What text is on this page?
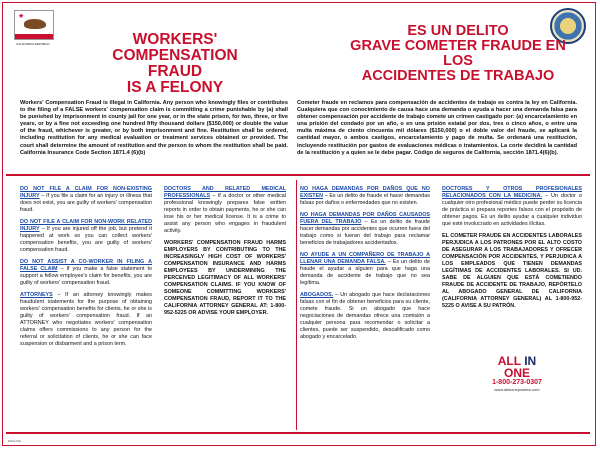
★
CALIFORNIA REPUBLIC	WORKERS'
COMPENSATION FRAUD
IS A FELONY
ES UN DELITO
GRAVE COMETER FRAUDE EN LOS
ACCIDENTES DE TRABAJO

Workers' Compensation Fraud is illegal in California. Any person who knowingly files or contributes to the filing of a FALSE workers' compensation claim is committing a crime punishable by (a) shall be punished by imprisonment in county jail for one year, or in the state prison, for two, three, or five years, or by a fine not exceeding one hundred fifty thousand dollars ($150,000) or double the value of the fraud, whichever is greater, or by both imprisonment and fine. Restitution shall be ordered, including restitution for any medical evaluation or treatment services obtained or provided. The court shall determine the amount of restitution and the person to whom the restitution shall be paid. California Insurance Code Section 1871.4 (6)(b)

Cometer fraude en reclamos para compensación de accidentes de trabajo es contra la ley en California. Cualquiera que con conocimiento de causa hace una demanda o ayuda a hacer una demanda falsa para obtener compensación por accidente de trabajo comete un crimen castigado por: (a) encarcelamiento en una prisión del condado por un año, o en una prisión estatal por dos, tres o cinco años, o entre una multa máxima de ciento cincuenta mil dólares ($150,000) o el doble valor del fraude, se aplicará la cantidad mayor, o ambos castigos, encarcelamiento y pago de multa. Se ordenará una restitución, incluyendo restitución por gastos de evaluaciones médicas o tratamientos. La corte decidirá la cantidad de la restitución y a quien se le debe pagar. Código de seguros de California, sección 1871.4(6)(b).

DO NOT FILE A CLAIM FOR NON-EXISTING INJURY – If you file a claim for an injury or illness that does not exist, you are guilty of workers' compensation fraud.

DO NOT FILE A CLAIM FOR NON-WORK RELATED INJURY – If you are injured off the job, but pretend it happened at work so you can collect workers' compensation benefits, you are guilty of workers' compensation fraud.

DO NOT ASSIST A CO-WORKER IN FILING A FALSE CLAIM – If you make a false statement to support a fellow employee's claim for benefits, you are guilty of workers' compensation fraud.

ATTORNEYS – If an attorney knowingly makes fraudulent statements for the purpose of obtaining workers' compensation benefits for clients, he or she is guilty of workers' compensation fraud. If an ATTORNEY who negotiates workers' compensation claims offers commissions to any person for the referral or solicitation of clients, he or she can face suspension or disbarment and a prison term.

DOCTORS AND RELATED MEDICAL PROFESSIONALS – If a doctor or other medical professional knowingly prepares false written reports in order to obtain payments, he or she can lose his or her medical license. It is a crime to assist any person who engages in fraudulent activity.

WORKERS' COMPENSATION FRAUD HARMS EMPLOYERS BY CONTRIBUTING TO THE INCREASINGLY HIGH COST OF WORKERS' COMPENSATION INSURANCE AND HARMS EMPLOYEES BY UNDERMINING THE PERCEIVED LEGITIMACY OF ALL WORKERS' COMPENSATION CLAIMS. IF YOU KNOW OF SOMEONE COMMITTING WORKERS' COMPENSATION FRAUD, REPORT IT TO THE CALIFORNIA ATTORNEY GENERAL AT: 1-800-952-5225 OR ADVISE YOUR EMPLOYER.

NO HAGA DEMANDAS POR DAÑOS QUE NO EXISTEN – Es un delito de fraude el hacer demandas falsas por daños o enfermedades que no existen.

NO HAGA DEMANDAS POR DAÑOS CAUSADOS FUERA DEL TRABAJO – Es un delito de fraude hacer demandas por accidentes que ocurren fuera del trabajo como si fueran del trabajo para reclamar beneficios de trabajadores accidentados.

NO AYUDE A UN COMPAÑERO DE TRABAJO A LLENAR UNA DEMANDA FALSA. – Es un delito de fraude el ayudar a alguien para que haga una demanda de accidente de trabajo que no sea legítima.

ABOGADOS. – Un abogado que hace declaraciones falsas con el fin de obtener beneficios para su cliente, comete fraude. Si un abogado que hace negociaciones de demandas ofrece una comisión a cualquier persona para recomendar o solicitar a clientes, puede ser suspendido, descalificado como abogado y encarcelado.

DOCTORES Y OTROS PROFESIONALES RELACIONADOS CON LA MEDICINA. – Un doctor o cualquier otro profesional médico puede perder su licencia de práctica si prepara reportes falsos con el propósito de obtener pagos. Es un delito ayudar a cualquier individuo que esté involucrado en actividades ilícitas.

EL COMETER FRAUDE EN ACCIDENTES LABORALES PERJUDICA A LOS PATRONES POR EL ALTO COSTO DE ASEGURAR A LOS TRABAJADORES Y OFRECER COMPENSACIÓN POR ACCIDENTES, Y PERJUDICA A LOS EMPLEADOS QUE TIENEN DEMANDAS LEGÍTIMAS DE ACCIDENTES LABORALES. SI UD. SABE DE ALGUIEN QUE ESTÁ COMETIENDO FRAUDE DE ACCIDENTE DE TRABAJO, REPÓRTELO AL ABOGADO GENERAL DE CALIFORNIA (CALIFORNIA ATTORNEY GENERAL) AL 1-800-952-5225 O AVISE A SU PATRÓN.

ALL IN ONE
1-800-273-0307
www.allinoneposters.com
ENGLISH
